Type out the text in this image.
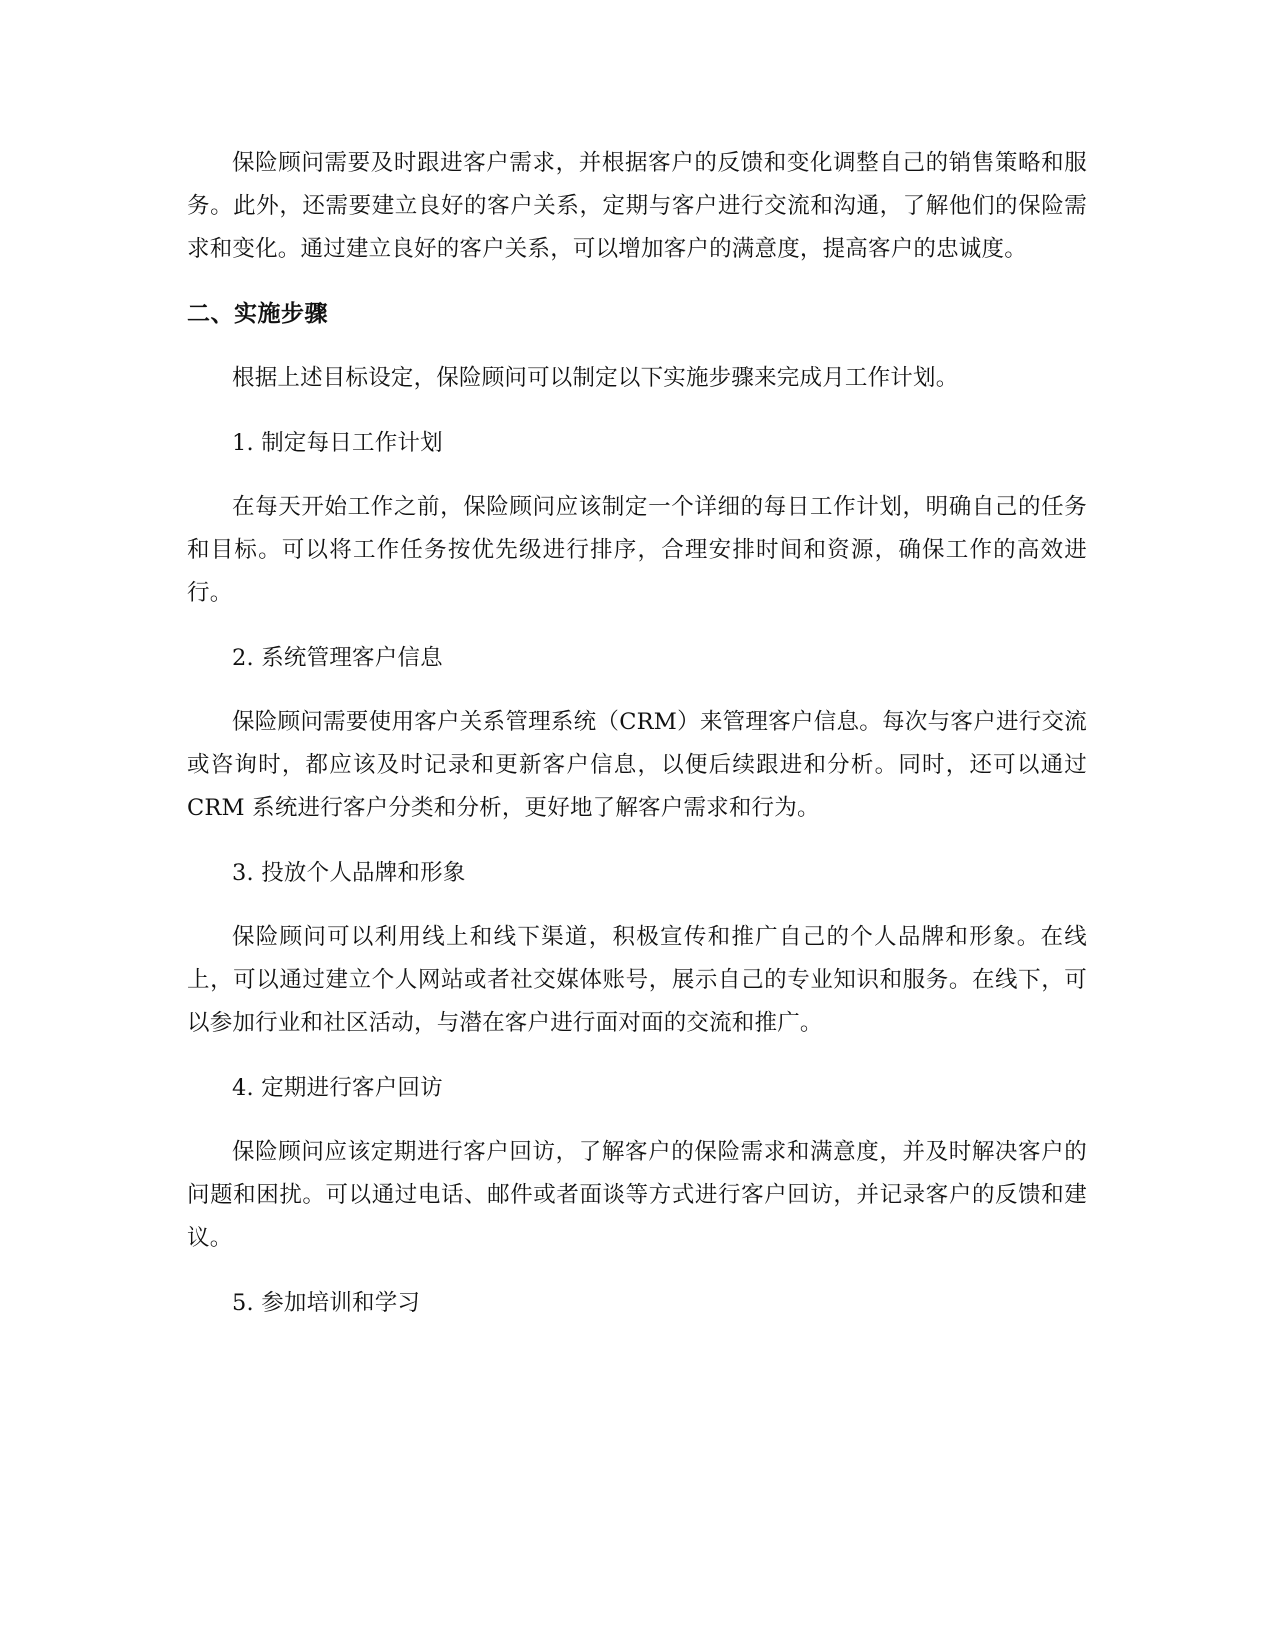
保险顾问需要及时跟进客户需求，并根据客户的反馈和变化调整自己的销售策略和服务。此外，还需要建立良好的客户关系，定期与客户进行交流和沟通，了解他们的保险需求和变化。通过建立良好的客户关系，可以增加客户的满意度，提高客户的忠诚度。

二、实施步骤

根据上述目标设定，保险顾问可以制定以下实施步骤来完成月工作计划。

1. 制定每日工作计划

在每天开始工作之前，保险顾问应该制定一个详细的每日工作计划，明确自己的任务和目标。可以将工作任务按优先级进行排序，合理安排时间和资源，确保工作的高效进行。

2. 系统管理客户信息

保险顾问需要使用客户关系管理系统（CRM）来管理客户信息。每次与客户进行交流或咨询时，都应该及时记录和更新客户信息，以便后续跟进和分析。同时，还可以通过 CRM 系统进行客户分类和分析，更好地了解客户需求和行为。

3. 投放个人品牌和形象

保险顾问可以利用线上和线下渠道，积极宣传和推广自己的个人品牌和形象。在线上，可以通过建立个人网站或者社交媒体账号，展示自己的专业知识和服务。在线下，可以参加行业和社区活动，与潜在客户进行面对面的交流和推广。

4. 定期进行客户回访

保险顾问应该定期进行客户回访，了解客户的保险需求和满意度，并及时解决客户的问题和困扰。可以通过电话、邮件或者面谈等方式进行客户回访，并记录客户的反馈和建议。

5. 参加培训和学习
